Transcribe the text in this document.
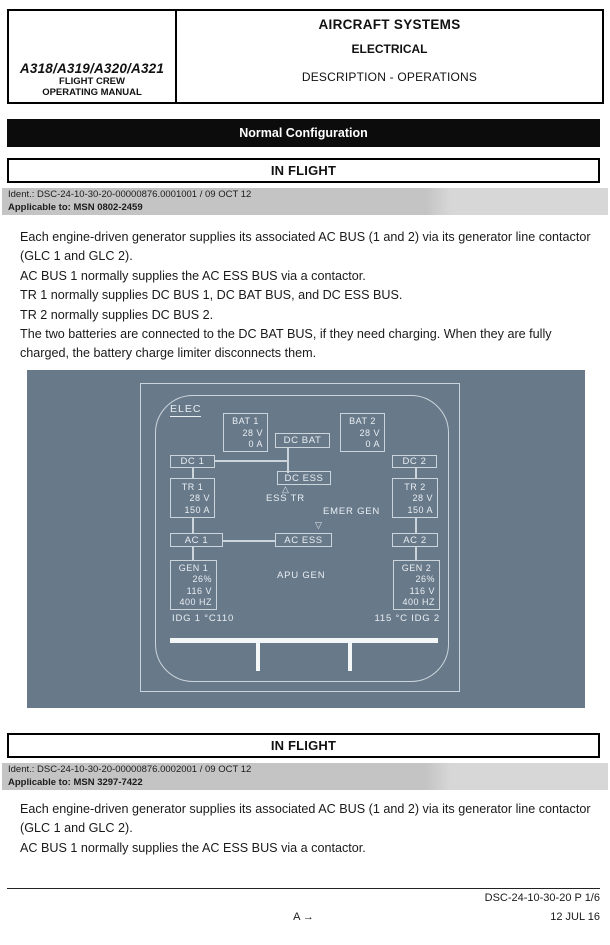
A318/A319/A320/A321
FLIGHT CREW
OPERATING MANUAL
AIRCRAFT SYSTEMS
ELECTRICAL
DESCRIPTION - OPERATIONS
Normal Configuration
IN FLIGHT
Ident.: DSC-24-10-30-20-00000876.0001001 / 09 OCT 12
Applicable to: MSN 0802-2459

Each engine-driven generator supplies its associated AC BUS (1 and 2) via its generator line contactor (GLC 1 and GLC 2).

AC BUS 1 normally supplies the AC ESS BUS via a contactor.

TR 1 normally supplies DC BUS 1, DC BAT BUS, and DC ESS BUS.

TR 2 normally supplies DC BUS 2.

The two batteries are connected to the DC BAT BUS, if they need charging. When they are fully charged, the battery charge limiter disconnects them.

ELEC
BAT 1
28 V
0 A
BAT 2
28 V
0 A
DC BAT
DC 1	DC 2
DC ESS
△
ESS TR
EMER GEN
▽
TR 1
28 V
150 A
TR 2
28 V
150 A
AC 1	AC ESS	AC 2
GEN 1
26%
116 V
400 HZ
GEN 2
26%
116 V
400 HZ
APU GEN
IDG 1 °C110	115 °C IDG 2
IN FLIGHT
Ident.: DSC-24-10-30-20-00000876.0002001 / 09 OCT 12
Applicable to: MSN 3297-7422

Each engine-driven generator supplies its associated AC BUS (1 and 2) via its generator line contactor (GLC 1 and GLC 2).

AC BUS 1 normally supplies the AC ESS BUS via a contactor.

DSC-24-10-30-20 P 1/6
A →	12 JUL 16
